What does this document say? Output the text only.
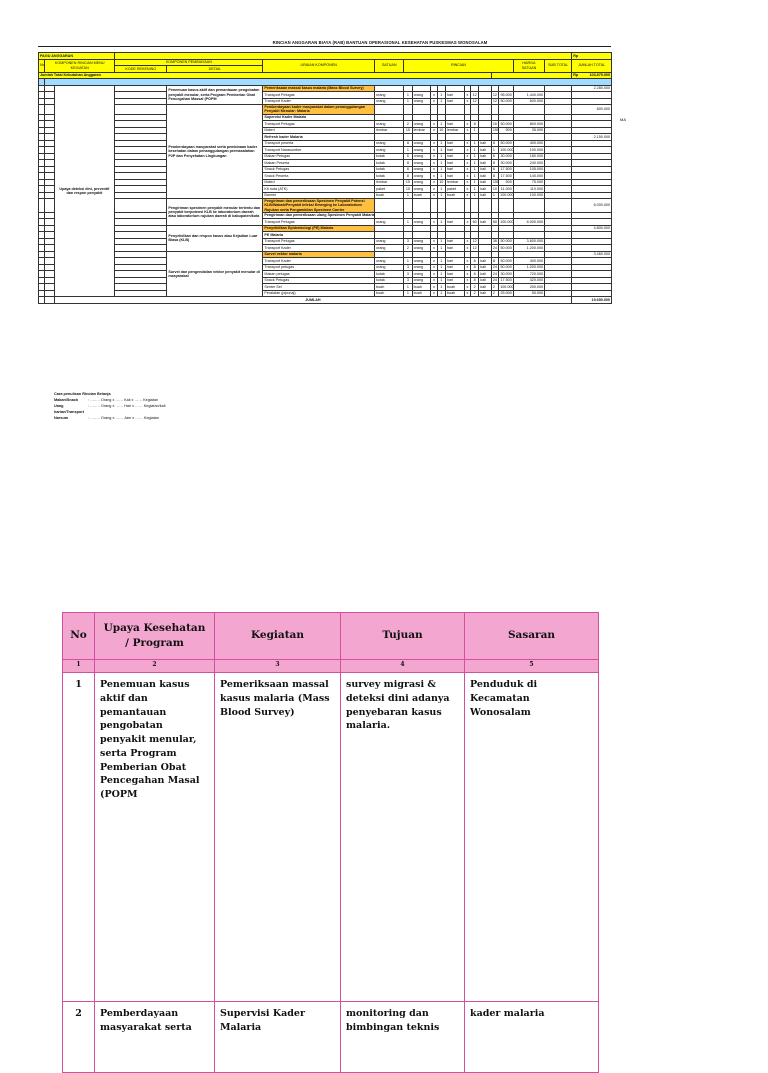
RINCIAN ANGGARAN BIAYA (RAB) BANTUAN OPERASIONAL KESEHATAN PUSKESMAS WONOSALAM
PAGU ANGGARAN																			Rp
No	KOMPONEN RINCIAN MENU KEGIATAN		KOMPONEN PEMBIAYAAN		URAIAN KOMPONEN	SATUAN	RINCIAN										HARGA SATUAN	SUB TOTAL	JUMLAH TOTAL
			KODE REKENING	DETAIL															
Jumlah Total Kebutuhan Anggaran																			Rp 103.875.000

		Upaya deteksi dini, preventif dan respon penyakit		Penemuan kasus aktif dan pemantauan pengobatan penyakit menular, serta Program Pemberian Obat Pencegahan Massal (POPM	Pemeriksaan massal kasus malaria (Mass Blood Survey)														2.280.000
					Transport Petugas	orang	1	orang	x	1	hari	x	12		12	95.000	1.440.000		
					Transport Kader	orang	1	orang	x	1	hari	x	12		12	50.000	600.000		
				Pemberdayaan masyarakat serta pembinaan kader kesehatan dalam penanggulangan permasalahan P2P dan Penyehatan Lingkungan	Pemberdayaan kader masyarakat dalam penanggulangan Penyakit Menular: Malaria														800.000
					Supervisi Kader Malaria														
					Transport Petugas	orang	2	orang	x	1	hari	x	8		16	50.000	800.000		
					Materi	lembar	15	lembar	x	10	lembar	x	1		150	500	35.000		
					Refresh kader Malaria														2.150.000
					Transport peserta	orang	8	orang	x	1	hari	x	1	kali	8	50.000	400.000		
					Transport Narasumber	orang	1	orang	x	1	hari	x	1	kali	1	100.000	100.000		
					Makan Petugas	kotak	6	orang	x	1	hari	x	1	kali	6	30.000	180.000		
					Makan Peserta	kotak	8	orang	x	1	hari	x	1	kali	8	30.000	240.000		
					Snack Petugas	kotak	6	orang	x	1	hari	x	1	kali	6	17.500	105.000		
					Snack Peserta	kotak	8	orang	x	1	hari	x	1	kali	8	17.500	140.000		
					Materi	lembar	15	orang	x	10	lembar	x	1	kali	150	500	75.000		
					Kit ruda (ATK)	paket	10	orang	x	1	paket	x	1	kali	10	11.000	110.000		
					Banner	buah	1	buah	x	1	buah	x	1	kali	1	100.000	100.000		
				Pengiriman spesimen penyakit menular tertentu dan penyakit berpotensi KLB ke laboratorium daerah atau laboratorium rujukan daerah di kabupaten/kota	Pengiriman dan pemeriksaan Spesimen Penyakit Potensi KLB/Wabah/Penyakit Infeksi Emerging ke Laboratorium Rujukan serta Pengambilan Spesimen Carrier														6.000.000
					Pengiriman dan pemeriksaan ulang Spesimen Penyakit Malaria														
					Transport Petugas	orang	1	orang	x	1	hari	x	60	kali	60	100.000	6.000.000		
				Penyelidikan dan respon kasus atau Kejadian Luar Biasa (KLB)	Penyelidikan Epidemiologi (PE) Malaria														4.800.000
					PE Malaria														
					Transport Petugas	orang	3	orang	x	1	hari	x	12		36	50.000	3.600.000		
					Transport Kader	orang	2	orang	x	1	hari	x	12		24	50.000	1.200.000		
				Survei dan pengendalian vektor penyakit menular di masyarakat	Survei vektor malaria														3.460.000
					Transport Kader	orang	1	orang	x	1	hari	x	8	kali	8	50.000	400.000		
					Transport petugas	orang	3	orang	x	1	hari	x	8	kali	24	50.000	1.200.000		
					Makan petugas	kotak	3	orang	x	1	hari	x	8	kali	24	30.000	720.000		
					Snack Petugas	kotak	3	orang	x	1	hari	x	8	kali	24	17.500	420.000		
					Senter Sel	buah	1	buah	x	1	buah	x	2	kali	2	100.000	200.000		
					Peralatan (pipunaj)	buah	1	buah	x	1	buah	x	2	kali	2	25.000	50.000		
		JUMLAH																	19.650.000
MA
Cara penulisan Rincian Belanja
Makan/Snack	: …….. Orang x …… Kali x …… Kegiatan
Uang harian/Transport
: …….. Orang x …… Hari x …… Kegiatan/kali
Narsum	: …….. Orang x …… Jam x …… Kegiatan
No	Upaya Kesehatan / Program	Kegiatan	Tujuan	Sasaran
1	2	3	4	5
1	Penemuan kasus aktif dan pemantauan pengobatan penyakit menular, serta Program Pemberian Obat Pencegahan Masal (POPM	Pemeriksaan massal kasus malaria (Mass Blood Survey)	survey migrasi & deteksi dini adanya penyebaran kasus malaria.	Penduduk di Kecamatan Wonosalam
2	Pemberdayaan masyarakat serta	Supervisi Kader Malaria	monitoring dan bimbingan teknis	kader malaria
